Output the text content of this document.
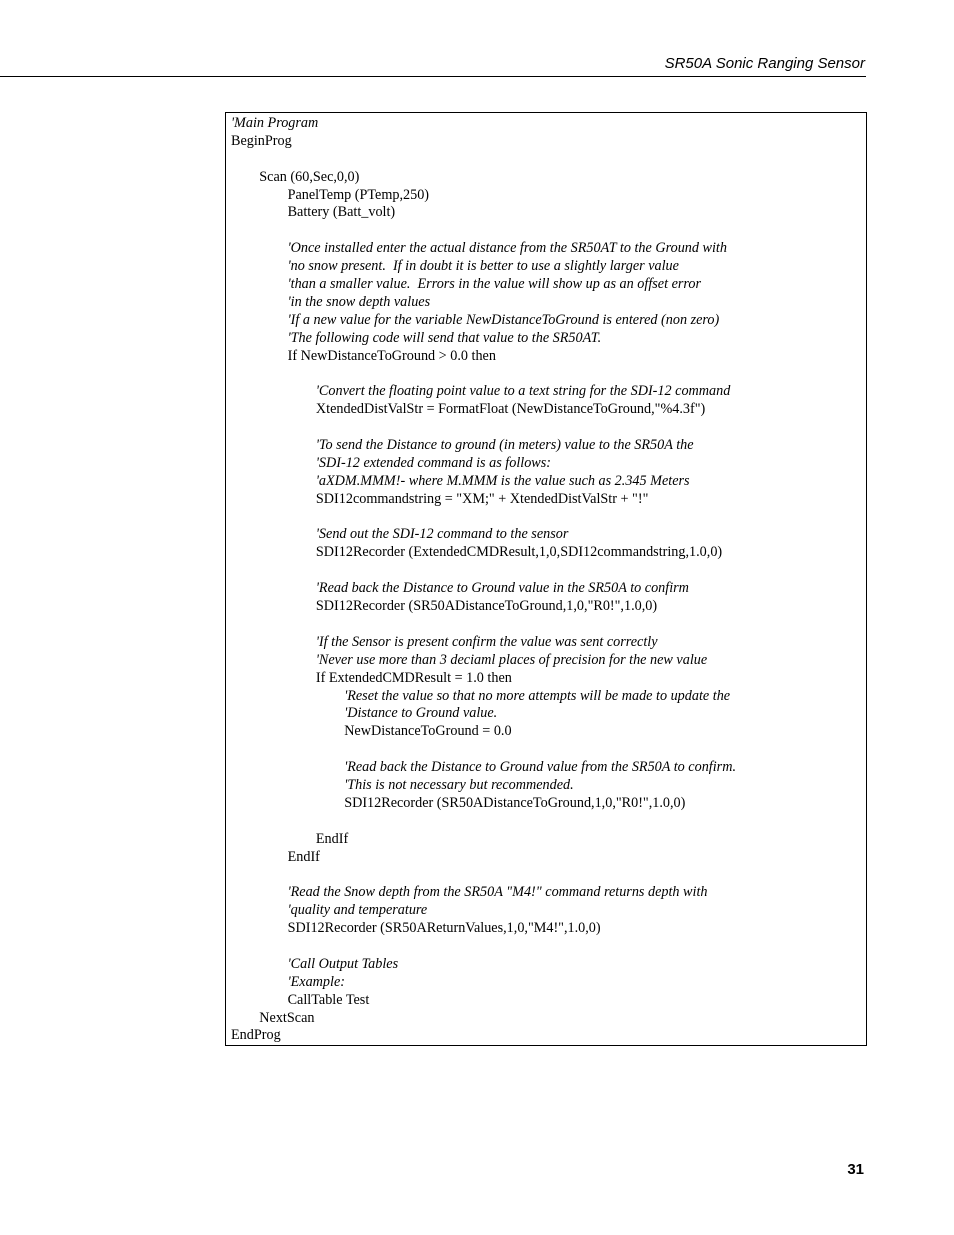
SR50A Sonic Ranging Sensor
'Main Program
BeginProg
Scan (60,Sec,0,0)
PanelTemp (PTemp,250)
Battery (Batt_volt)
'Once installed enter the actual distance from the SR50AT to the Ground with
'no snow present.  If in doubt it is better to use a slightly larger value
'than a smaller value.  Errors in the value will show up as an offset error
'in the snow depth values
'If a new value for the variable NewDistanceToGround is entered (non zero)
'The following code will send that value to the SR50AT.
If NewDistanceToGround > 0.0 then
'Convert the floating point value to a text string for the SDI-12 command
XtendedDistValStr = FormatFloat (NewDistanceToGround,"%4.3f")
'To send the Distance to ground (in meters) value to the SR50A the
'SDI-12 extended command is as follows:
'aXDM.MMM!- where M.MMM is the value such as 2.345 Meters
SDI12commandstring = "XM;" + XtendedDistValStr + "!"
'Send out the SDI-12 command to the sensor
SDI12Recorder (ExtendedCMDResult,1,0,SDI12commandstring,1.0,0)
'Read back the Distance to Ground value in the SR50A to confirm
SDI12Recorder (SR50ADistanceToGround,1,0,"R0!",1.0,0)
'If the Sensor is present confirm the value was sent correctly
'Never use more than 3 deciaml places of precision for the new value
If ExtendedCMDResult = 1.0 then
'Reset the value so that no more attempts will be made to update the
'Distance to Ground value.
NewDistanceToGround = 0.0
'Read back the Distance to Ground value from the SR50A to confirm.
'This is not necessary but recommended.
SDI12Recorder (SR50ADistanceToGround,1,0,"R0!",1.0,0)
EndIf
EndIf
'Read the Snow depth from the SR50A "M4!" command returns depth with
'quality and temperature
SDI12Recorder (SR50AReturnValues,1,0,"M4!",1.0,0)
'Call Output Tables
'Example:
CallTable Test
NextScan
EndProg
31
